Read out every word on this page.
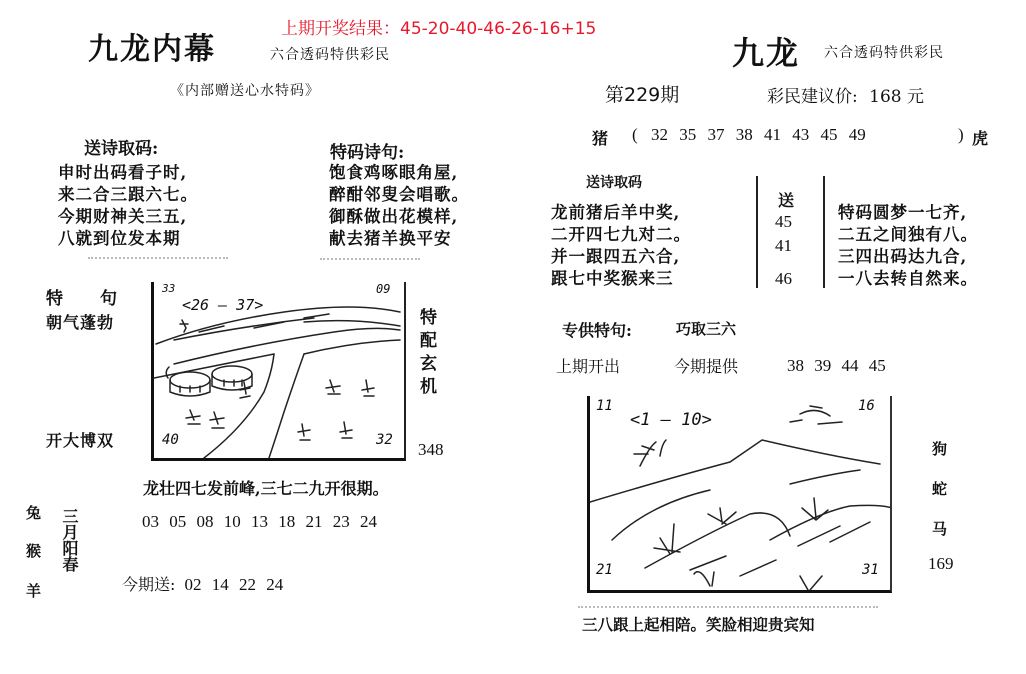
上期开奖结果：45-20-40-46-26-16+15
九龙内幕	六合透码特供彩民
《内部赠送心水特码》
九龙 六合透码特供彩民
第229期	彩民建议价: 168 元
猪 ( 32 35 37 38 41 43 45 49	) 虎
送诗取码:
申时出码看子时,
来二合三跟六七。
今期财神关三五,
八就到位发本期
特码诗句:
饱食鸡啄眼角屋,
醉酣邻叟会唱歌。
御酥做出花模样,
献去猪羊换平安
送诗取码
龙前猪后羊中奖,
二开四七九对二。
并一跟四五六合,
跟七中奖猴来三
送
45
41
46
特码圆梦一七齐,
二五之间独有八。
三四出码达九合,
一八去转自然来。
特 句
朝气蓬勃
开大博双
33	09
<26 — 37>
40	32
特配玄机
348
龙壮四七发前峰,三七二九开很期。
兔
猴
羊
三月阳春	03 05 08 10 13 18 21 23 24
今期送: 02 14 22 24
专供特句:	巧取三六
上期开出	今期提供	38 39 44 45
11	16
<1 — 10>
21	31
狗
蛇
马
169
三八跟上起相陪。笑脸相迎贵宾知
